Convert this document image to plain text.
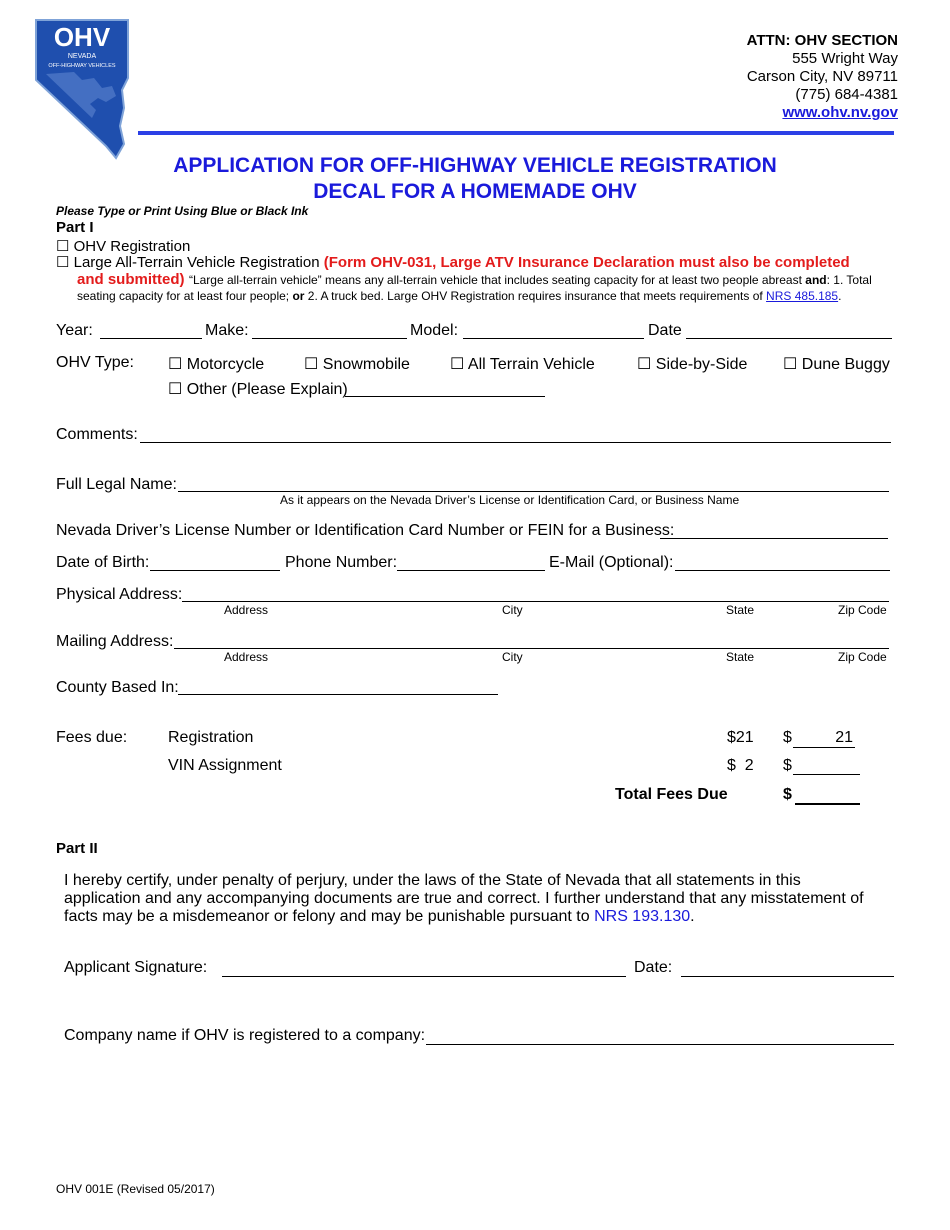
OHV
NEVADA
OFF-HIGHWAY VEHICLES
ATTN: OHV SECTION
555 Wright Way
Carson City, NV 89711
(775) 684-4381
www.ohv.nv.gov
APPLICATION FOR OFF-HIGHWAY VEHICLE REGISTRATION
DECAL FOR A HOMEMADE OHV
Please Type or Print Using Blue or Black Ink
Part I
☐ OHV Registration
☐ Large All-Terrain Vehicle Registration (Form OHV-031, Large ATV Insurance Declaration must also be completed
and submitted) “Large all-terrain vehicle” means any all-terrain vehicle that includes seating capacity for at least two people abreast and: 1. Total
seating capacity for at least four people; or 2. A truck bed. Large OHV Registration requires insurance that meets requirements of NRS 485.185.
Year:	Make:	Model:	Date
OHV Type: ☐ Motorcycle ☐ Snowmobile	☐ All Terrain Vehicle	☐ Side-by-Side ☐ Dune Buggy
☐ Other (Please Explain)
Comments:
Full Legal Name:
As it appears on the Nevada Driver’s License or Identification Card, or Business Name
Nevada Driver’s License Number or Identification Card Number or FEIN for a Business:
Date of Birth:	Phone Number:	E-Mail (Optional):
Physical Address:
Address	City	State	Zip Code
Mailing Address:
Address	City	State	Zip Code
County Based In:
Fees due:	Registration	$21 $	21
VIN Assignment	$  2 $
Total Fees Due	$
Part II
I hereby certify, under penalty of perjury, under the laws of the State of Nevada that all statements in this application and any accompanying documents are true and correct. I further understand that any misstatement of facts may be a misdemeanor or felony and may be punishable pursuant to NRS 193.130.
Applicant Signature:	Date:
Company name if OHV is registered to a company:
OHV 001E (Revised 05/2017)
